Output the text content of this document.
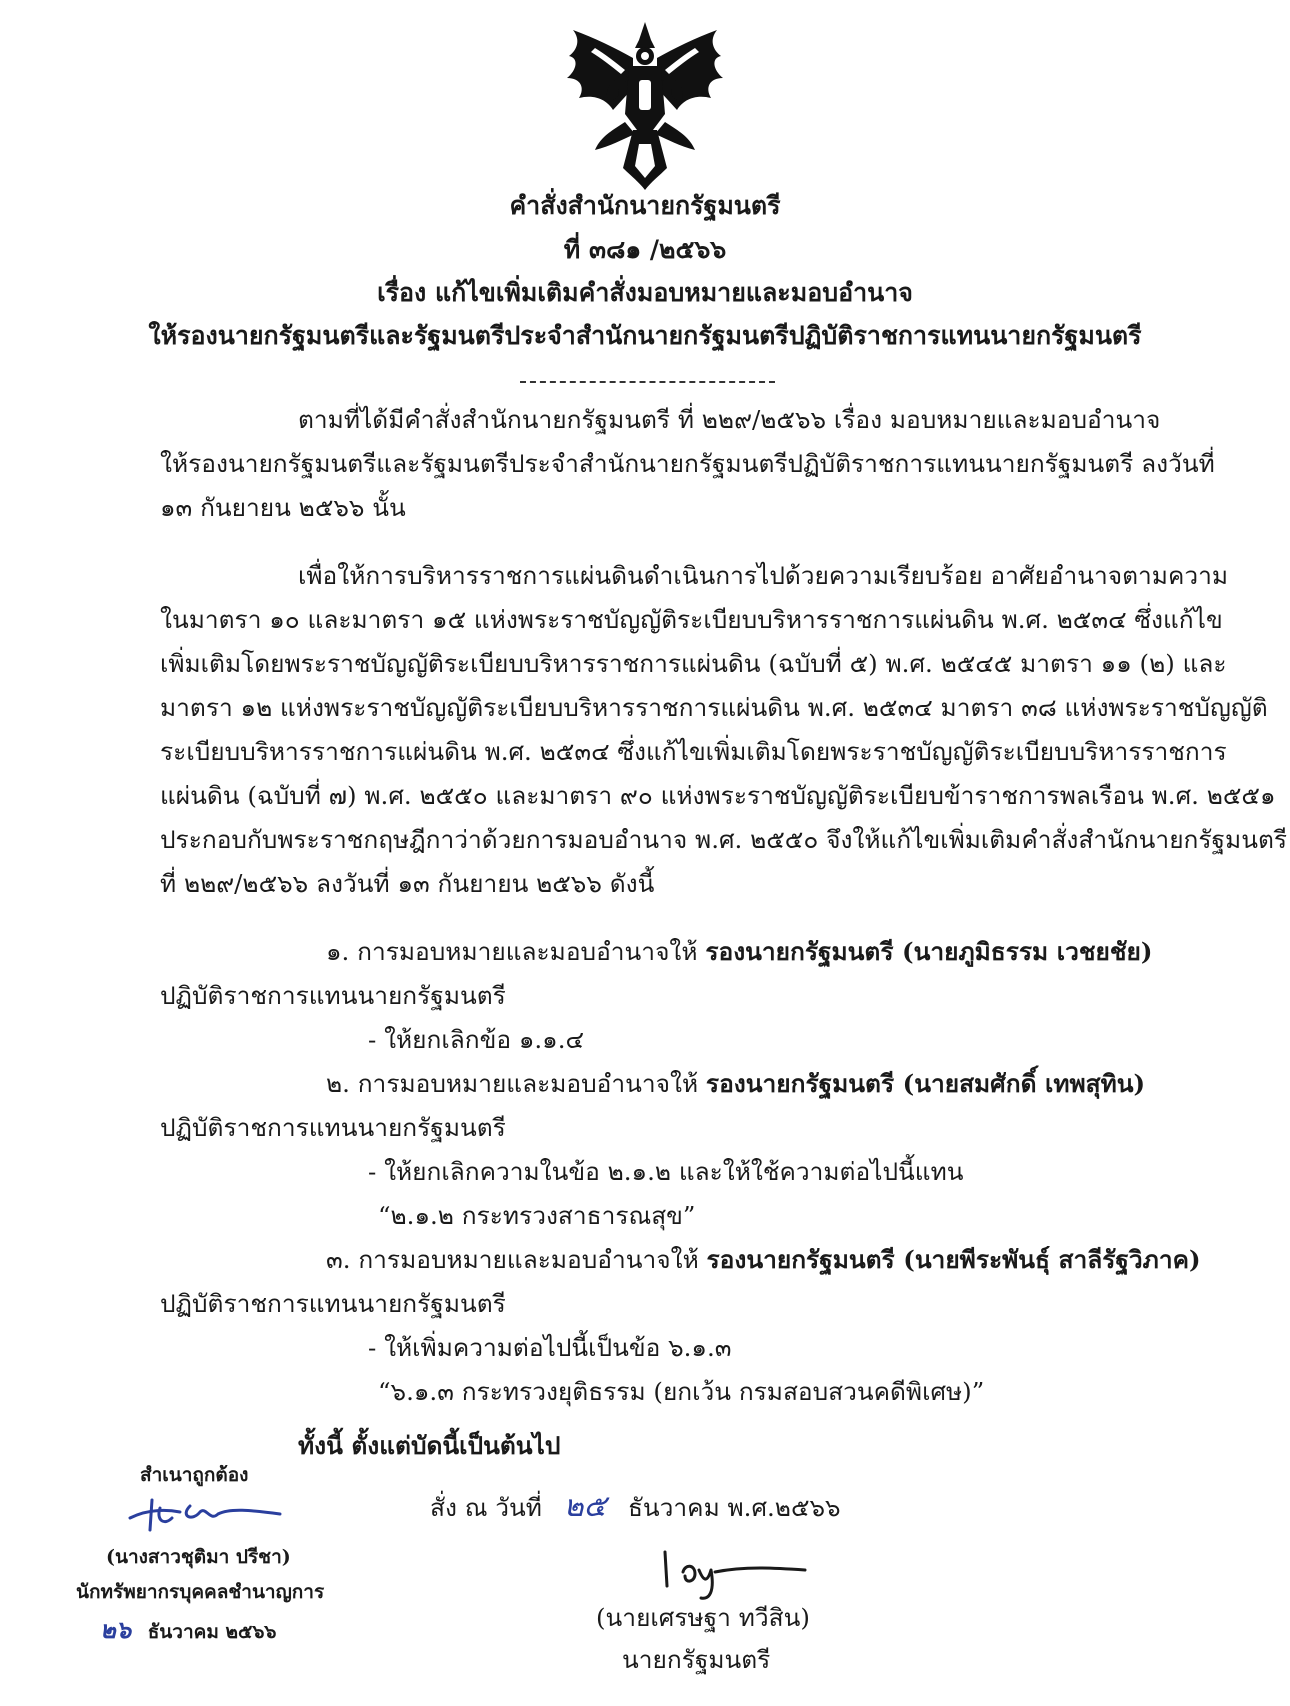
คำสั่งสำนักนายกรัฐมนตรี
ที่ ๓๘๑ /๒๕๖๖
เรื่อง แก้ไขเพิ่มเติมคำสั่งมอบหมายและมอบอำนาจ
ให้รองนายกรัฐมนตรีและรัฐมนตรีประจำสำนักนายกรัฐมนตรีปฏิบัติราชการแทนนายกรัฐมนตรี
ตามที่ได้มีคำสั่งสำนักนายกรัฐมนตรี ที่ ๒๒๙/๒๕๖๖ เรื่อง มอบหมายและมอบอำนาจ
ให้รองนายกรัฐมนตรีและรัฐมนตรีประจำสำนักนายกรัฐมนตรีปฏิบัติราชการแทนนายกรัฐมนตรี ลงวันที่
๑๓ กันยายน ๒๕๖๖ นั้น
เพื่อให้การบริหารราชการแผ่นดินดำเนินการไปด้วยความเรียบร้อย อาศัยอำนาจตามความ
ในมาตรา ๑๐ และมาตรา ๑๕ แห่งพระราชบัญญัติระเบียบบริหารราชการแผ่นดิน พ.ศ. ๒๕๓๔ ซึ่งแก้ไข
เพิ่มเติมโดยพระราชบัญญัติระเบียบบริหารราชการแผ่นดิน (ฉบับที่ ๕) พ.ศ. ๒๕๔๕ มาตรา ๑๑ (๒) และ
มาตรา ๑๒ แห่งพระราชบัญญัติระเบียบบริหารราชการแผ่นดิน พ.ศ. ๒๕๓๔ มาตรา ๓๘ แห่งพระราชบัญญัติ
ระเบียบบริหารราชการแผ่นดิน พ.ศ. ๒๕๓๔ ซึ่งแก้ไขเพิ่มเติมโดยพระราชบัญญัติระเบียบบริหารราชการ
แผ่นดิน (ฉบับที่ ๗) พ.ศ. ๒๕๕๐ และมาตรา ๙๐ แห่งพระราชบัญญัติระเบียบข้าราชการพลเรือน พ.ศ. ๒๕๕๑
ประกอบกับพระราชกฤษฎีกาว่าด้วยการมอบอำนาจ พ.ศ. ๒๕๕๐ จึงให้แก้ไขเพิ่มเติมคำสั่งสำนักนายกรัฐมนตรี
ที่ ๒๒๙/๒๕๖๖ ลงวันที่ ๑๓ กันยายน ๒๕๖๖ ดังนี้
๑. การมอบหมายและมอบอำนาจให้ รองนายกรัฐมนตรี (นายภูมิธรรม เวชยชัย)
ปฏิบัติราชการแทนนายกรัฐมนตรี
- ให้ยกเลิกข้อ ๑.๑.๔
๒. การมอบหมายและมอบอำนาจให้ รองนายกรัฐมนตรี (นายสมศักดิ์ เทพสุทิน)
ปฏิบัติราชการแทนนายกรัฐมนตรี
- ให้ยกเลิกความในข้อ ๒.๑.๒ และให้ใช้ความต่อไปนี้แทน
“๒.๑.๒ กระทรวงสาธารณสุข”
๓. การมอบหมายและมอบอำนาจให้ รองนายกรัฐมนตรี (นายพีระพันธุ์ สาลีรัฐวิภาค)
ปฏิบัติราชการแทนนายกรัฐมนตรี
- ให้เพิ่มความต่อไปนี้เป็นข้อ ๖.๑.๓
“๖.๑.๓ กระทรวงยุติธรรม (ยกเว้น กรมสอบสวนคดีพิเศษ)”
ทั้งนี้ ตั้งแต่บัดนี้เป็นต้นไป
สั่ง ณ วันที่ ๒๕ ธันวาคม พ.ศ.๒๕๖๖
(นายเศรษฐา ทวีสิน)
นายกรัฐมนตรี
สำเนาถูกต้อง
(นางสาวชุติมา ปรีชา)
นักทรัพยากรบุคคลชำนาญการ
๒๖ ธันวาคม ๒๕๖๖
